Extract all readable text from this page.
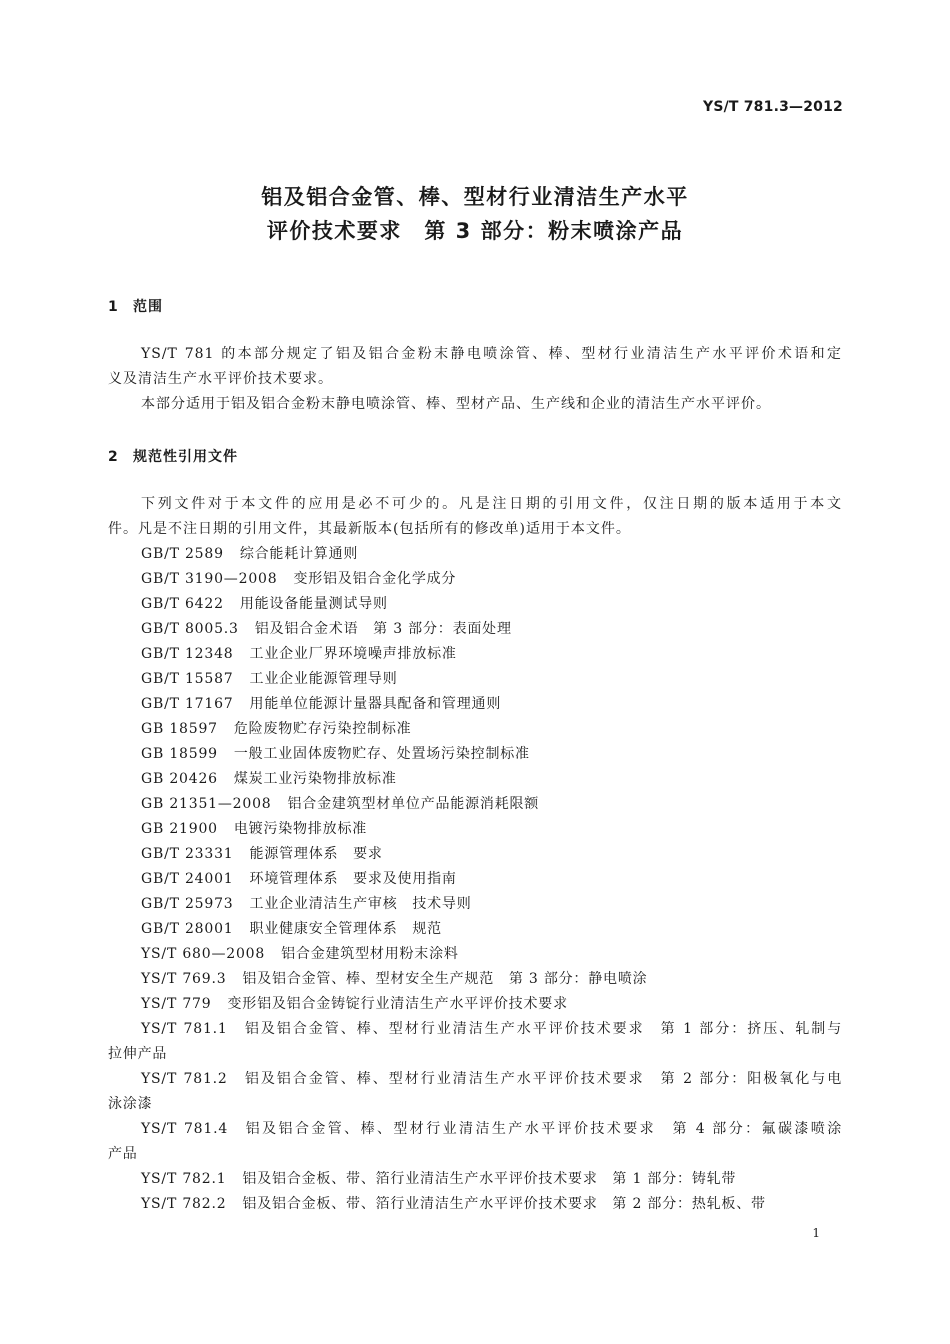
YS/T 781.3—2012
铝及铝合金管、棒、型材行业清洁生产水平
评价技术要求　第 3 部分：粉末喷涂产品
1 范围
YS/T 781 的本部分规定了铝及铝合金粉末静电喷涂管、棒、型材行业清洁生产水平评价术语和定
义及清洁生产水平评价技术要求。
本部分适用于铝及铝合金粉末静电喷涂管、棒、型材产品、生产线和企业的清洁生产水平评价。
2 规范性引用文件
下列文件对于本文件的应用是必不可少的。凡是注日期的引用文件，仅注日期的版本适用于本文
件。凡是不注日期的引用文件，其最新版本(包括所有的修改单)适用于本文件。
GB/T 2589 综合能耗计算通则
GB/T 3190—2008 变形铝及铝合金化学成分
GB/T 6422 用能设备能量测试导则
GB/T 8005.3 铝及铝合金术语　第 3 部分：表面处理
GB/T 12348 工业企业厂界环境噪声排放标准
GB/T 15587 工业企业能源管理导则
GB/T 17167 用能单位能源计量器具配备和管理通则
GB 18597 危险废物贮存污染控制标准
GB 18599 一般工业固体废物贮存、处置场污染控制标准
GB 20426 煤炭工业污染物排放标准
GB 21351—2008 铝合金建筑型材单位产品能源消耗限额
GB 21900 电镀污染物排放标准
GB/T 23331 能源管理体系　要求
GB/T 24001 环境管理体系　要求及使用指南
GB/T 25973 工业企业清洁生产审核　技术导则
GB/T 28001 职业健康安全管理体系　规范
YS/T 680—2008 铝合金建筑型材用粉末涂料
YS/T 769.3 铝及铝合金管、棒、型材安全生产规范　第 3 部分：静电喷涂
YS/T 779 变形铝及铝合金铸锭行业清洁生产水平评价技术要求
YS/T 781.1 铝及铝合金管、棒、型材行业清洁生产水平评价技术要求　第 1 部分：挤压、轧制与
拉伸产品
YS/T 781.2 铝及铝合金管、棒、型材行业清洁生产水平评价技术要求　第 2 部分：阳极氧化与电
泳涂漆
YS/T 781.4 铝及铝合金管、棒、型材行业清洁生产水平评价技术要求　第 4 部分：氟碳漆喷涂
产品
YS/T 782.1 铝及铝合金板、带、箔行业清洁生产水平评价技术要求　第 1 部分：铸轧带
YS/T 782.2 铝及铝合金板、带、箔行业清洁生产水平评价技术要求　第 2 部分：热轧板、带
1
